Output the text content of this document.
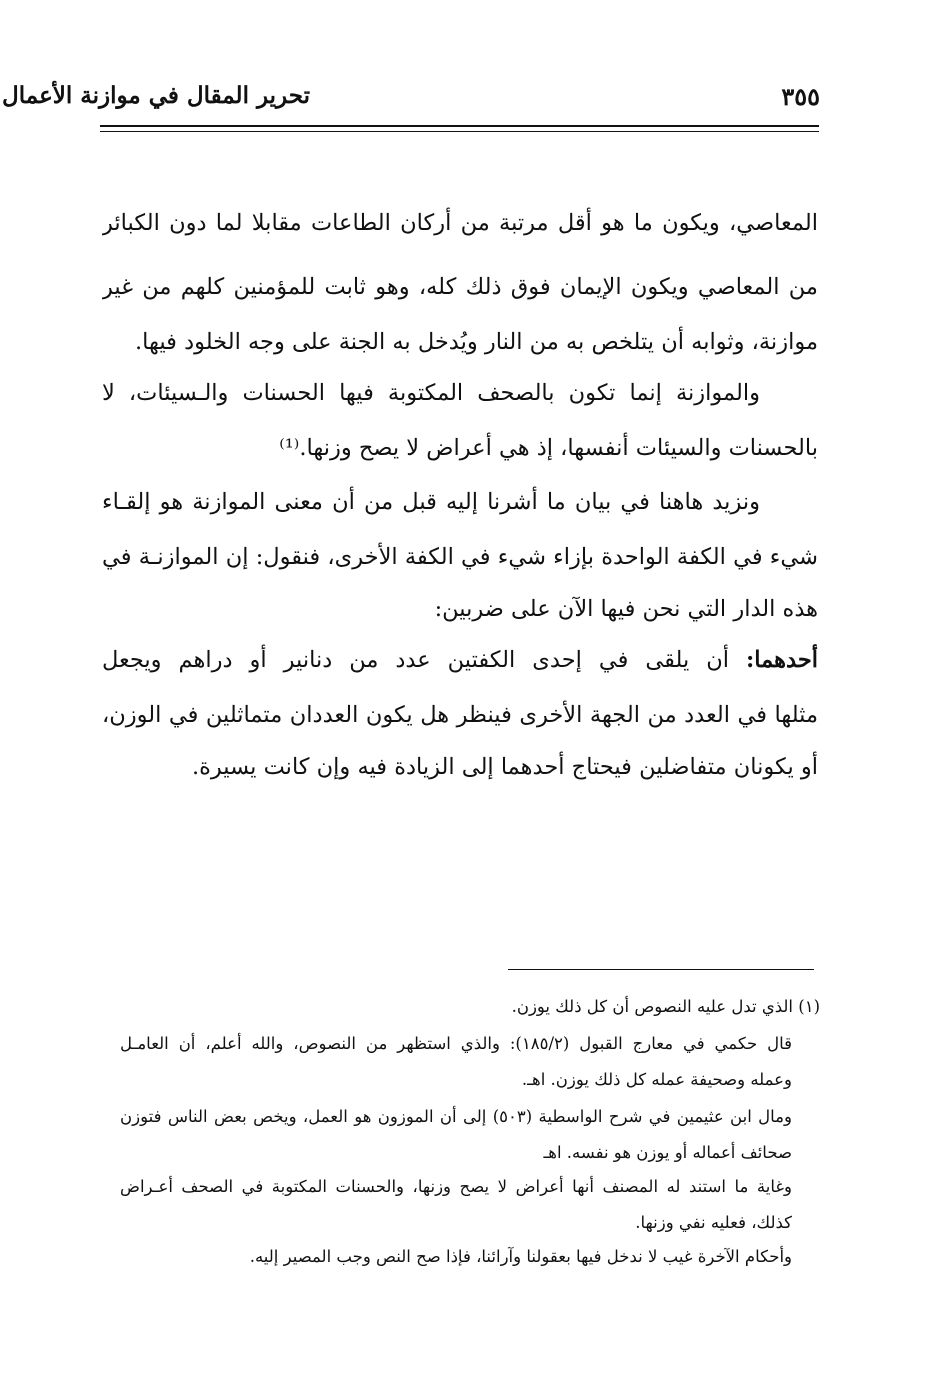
تحرير المقال في موازنة الأعمال	٣٥٥
المعاصي، ويكون ما هو أقل مرتبة من أركان الطاعات مقابلا لما دون الكبائر
من المعاصي ويكون الإيمان فوق ذلك كله، وهو ثابت للمؤمنين كلهم من غير
موازنة، وثوابه أن يتلخص به من النار ويُدخل به الجنة على وجه الخلود فيها.
والموازنة إنما تكون بالصحف المكتوبة فيها الحسنات والـسيئات، لا
بالحسنات والسيئات أنفسها، إذ هي أعراض لا يصح وزنها.⁽¹⁾
ونزيد هاهنا في بيان ما أشرنا إليه قبل من أن معنى الموازنة هو إلقـاء
شيء في الكفة الواحدة بإزاء شيء في الكفة الأخرى، فنقول: إن الموازنـة في
هذه الدار التي نحن فيها الآن على ضربين:
أحدهما: أن يلقى في إحدى الكفتين عدد من دنانير أو دراهم ويجعل
مثلها في العدد من الجهة الأخرى فينظر هل يكون العددان متماثلين في الوزن،
أو يكونان متفاضلين فيحتاج أحدهما إلى الزيادة فيه وإن كانت يسيرة.
(١) الذي تدل عليه النصوص أن كل ذلك يوزن.
قال حكمي في معارج القبول (١٨٥/٢): والذي استظهر من النصوص، والله أعلم، أن العامـل
وعمله وصحيفة عمله كل ذلك يوزن. اهـ.
ومال ابن عثيمين في شرح الواسطية (٥٠٣) إلى أن الموزون هو العمل، ويخص بعض الناس فتوزن
صحائف أعماله أو يوزن هو نفسه. اهـ
وغاية ما استند له المصنف أنها أعراض لا يصح وزنها، والحسنات المكتوبة في الصحف أعـراض
كذلك، فعليه نفي وزنها.
وأحكام الآخرة غيب لا ندخل فيها بعقولنا وآرائنا، فإذا صح النص وجب المصير إليه.
